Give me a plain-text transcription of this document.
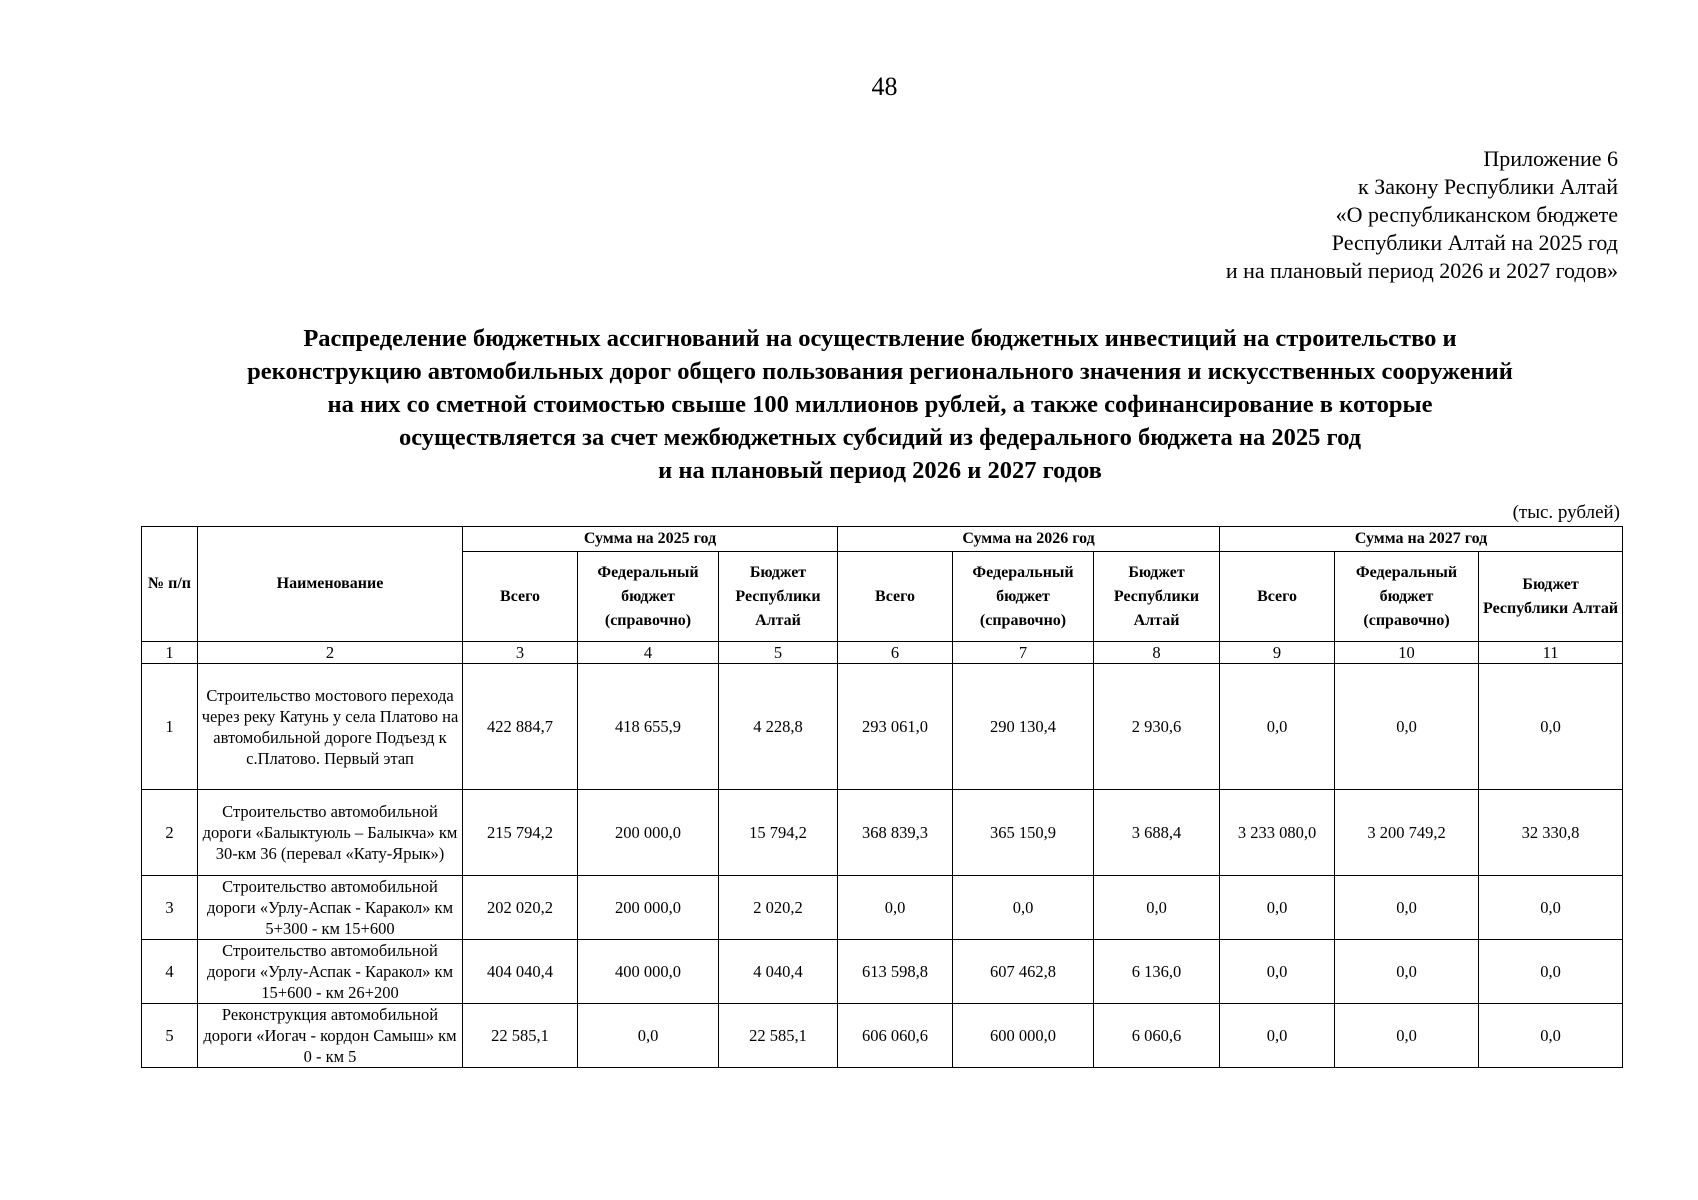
48
Приложение 6
к Закону Республики Алтай
«О республиканском бюджете
Республики Алтай на 2025 год
и на плановый период 2026 и 2027 годов»
Распределение бюджетных ассигнований на осуществление бюджетных инвестиций на строительство и
реконструкцию автомобильных дорог общего пользования регионального значения и искусственных сооружений
на них со сметной стоимостью свыше 100 миллионов рублей, а также софинансирование в которые
осуществляется за счет межбюджетных субсидий из федерального бюджета на 2025 год
и на плановый период 2026 и 2027 годов
(тыс. рублей)
№ п/п	Наименование	Сумма на 2025 год			Сумма на 2026 год			Сумма на 2027 год		
		Всего	Федеральный бюджет (справочно)	Бюджет Республики Алтай	Всего	Федеральный бюджет (справочно)	Бюджет Республики Алтай	Всего	Федеральный бюджет (справочно)	Бюджет Республики Алтай
1	2	3	4	5	6	7	8	9	10	11
1	Строительство мостового перехода через реку Катунь у села Платово на автомобильной дороге Подъезд к с.Платово. Первый этап	422 884,7	418 655,9	4 228,8	293 061,0	290 130,4	2 930,6	0,0	0,0	0,0
2	Строительство автомобильной дороги «Балыктуюль – Балыкча» км 30-км 36 (перевал «Кату-Ярык»)	215 794,2	200 000,0	15 794,2	368 839,3	365 150,9	3 688,4	3 233 080,0	3 200 749,2	32 330,8
3	Строительство автомобильной дороги «Урлу-Аспак - Каракол» км 5+300 - км 15+600	202 020,2	200 000,0	2 020,2	0,0	0,0	0,0	0,0	0,0	0,0
4	Строительство автомобильной дороги «Урлу-Аспак - Каракол» км 15+600 - км 26+200	404 040,4	400 000,0	4 040,4	613 598,8	607 462,8	6 136,0	0,0	0,0	0,0
5	Реконструкция автомобильной дороги «Иогач - кордон Самыш» км 0 - км 5	22 585,1	0,0	22 585,1	606 060,6	600 000,0	6 060,6	0,0	0,0	0,0
